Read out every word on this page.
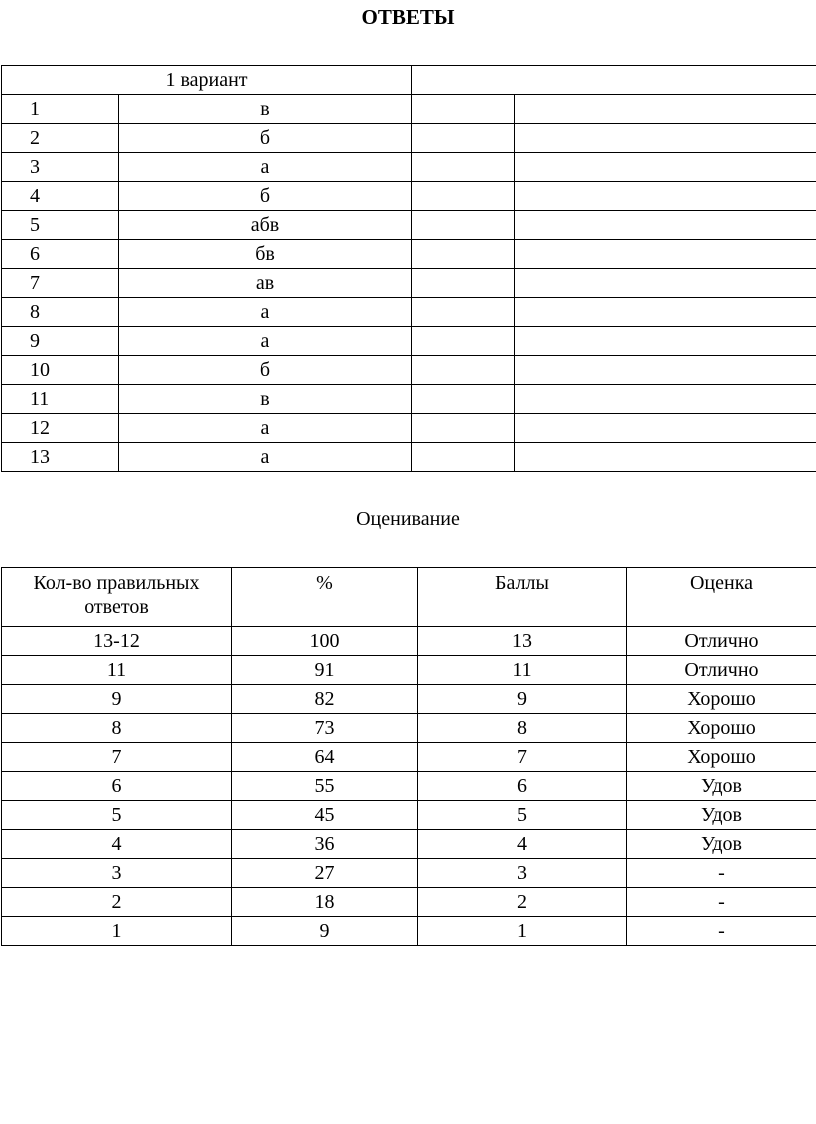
ОТВЕТЫ
1 вариант			
1	в		
2	б		
3	а		
4	б		
5	абв		
6	бв		
7	ав		
8	а		
9	а		
10	б		
11	в		
12	а		
13	а		
Оценивание
Кол-во правильных ответов	%	Баллы	Оценка
13-12	100	13	Отлично
11	91	11	Отлично
9	82	9	Хорошо
8	73	8	Хорошо
7	64	7	Хорошо
6	55	6	Удов
5	45	5	Удов
4	36	4	Удов
3	27	3	-
2	18	2	-
1	9	1	-
